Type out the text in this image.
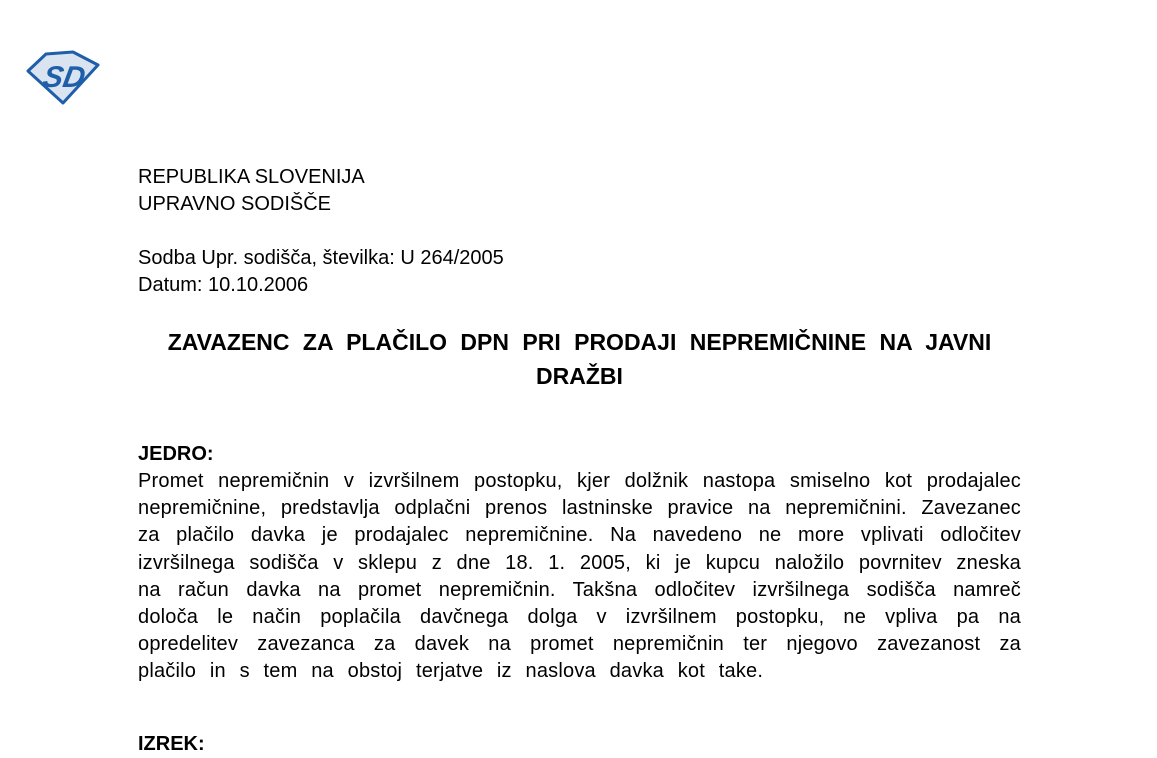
SD
REPUBLIKA SLOVENIJA
UPRAVNO SODIŠČE
Sodba Upr. sodišča, številka: U 264/2005
Datum: 10.10.2006
ZAVAZENC ZA PLAČILO DPN PRI PRODAJI NEPREMIČNINE NA JAVNI DRAŽBI
JEDRO:
Promet nepremičnin v izvršilnem postopku, kjer dolžnik nastopa smiselno kot prodajalec nepremičnine, predstavlja odplačni prenos lastninske pravice na nepremičnini. Zavezanec za plačilo davka je prodajalec nepremičnine. Na navedeno ne more vplivati odločitev izvršilnega sodišča v sklepu z dne 18. 1. 2005, ki je kupcu naložilo povrnitev zneska na račun davka na promet nepremičnin. Takšna odločitev izvršilnega sodišča namreč določa le način poplačila davčnega dolga v izvršilnem postopku, ne vpliva pa na opredelitev zavezanca za davek na promet nepremičnin ter njegovo zavezanost za plačilo in s tem na obstoj terjatve iz naslova davka kot take.
IZREK:
